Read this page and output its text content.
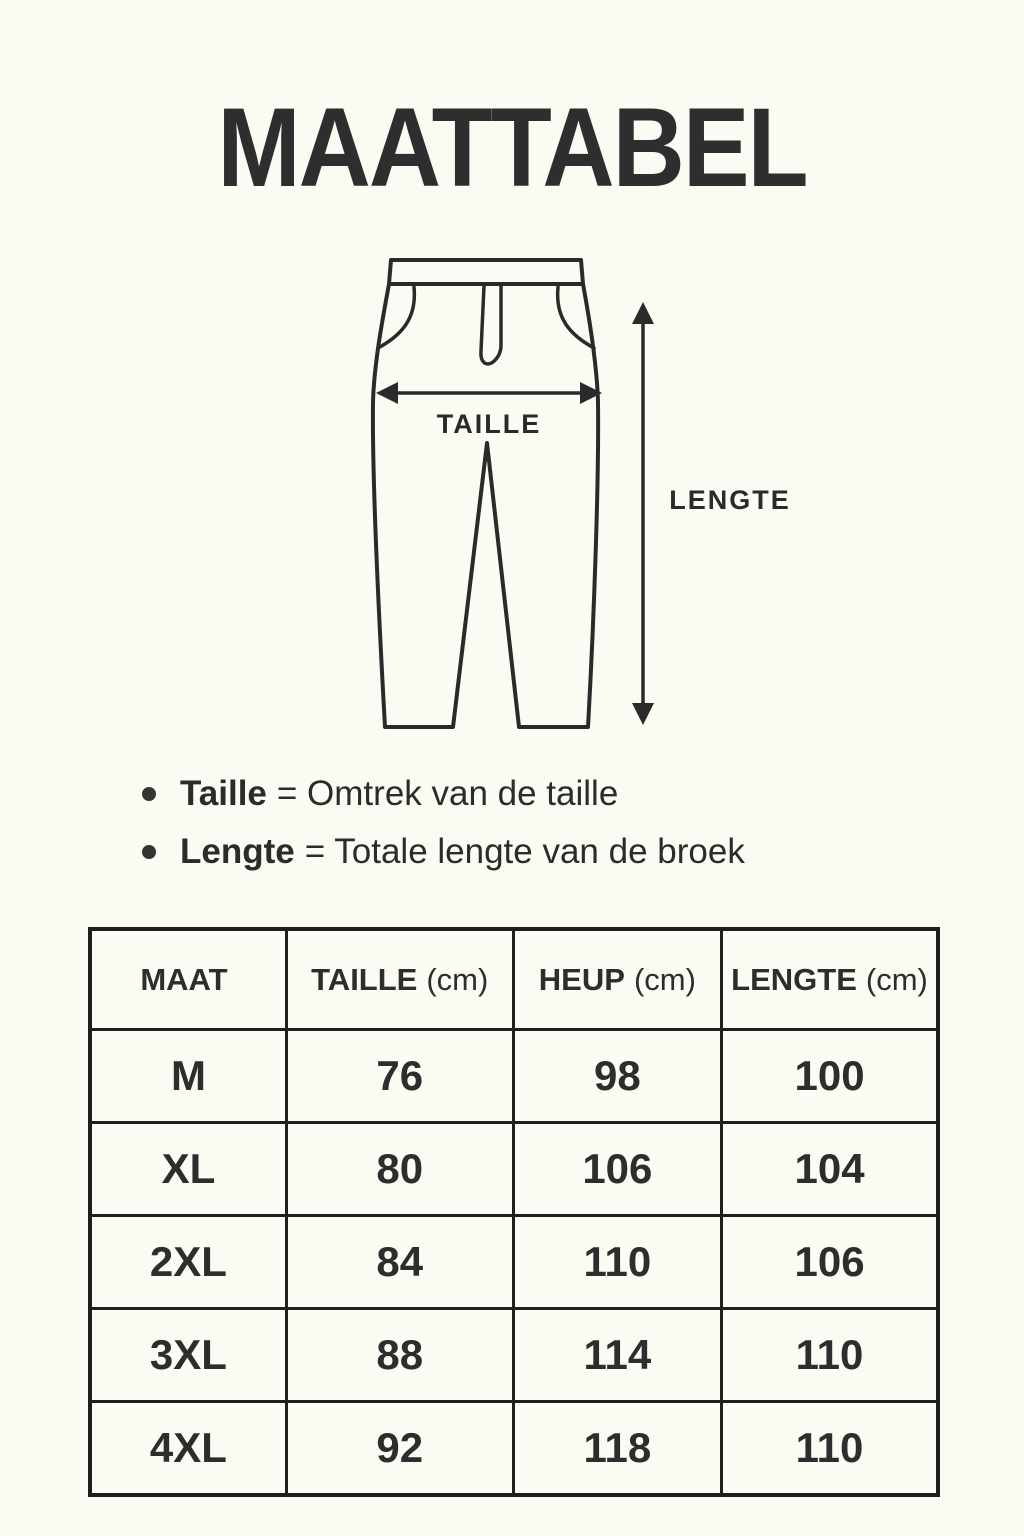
MAATTABEL
TAILLE
LENGTE
Taille = Omtrek van de taille
Lengte = Totale lengte van de broek
MAAT	TAILLE (cm)	HEUP (cm)	LENGTE (cm)
M	76	98	100
XL	80	106	104
2XL	84	110	106
3XL	88	114	110
4XL	92	118	110
